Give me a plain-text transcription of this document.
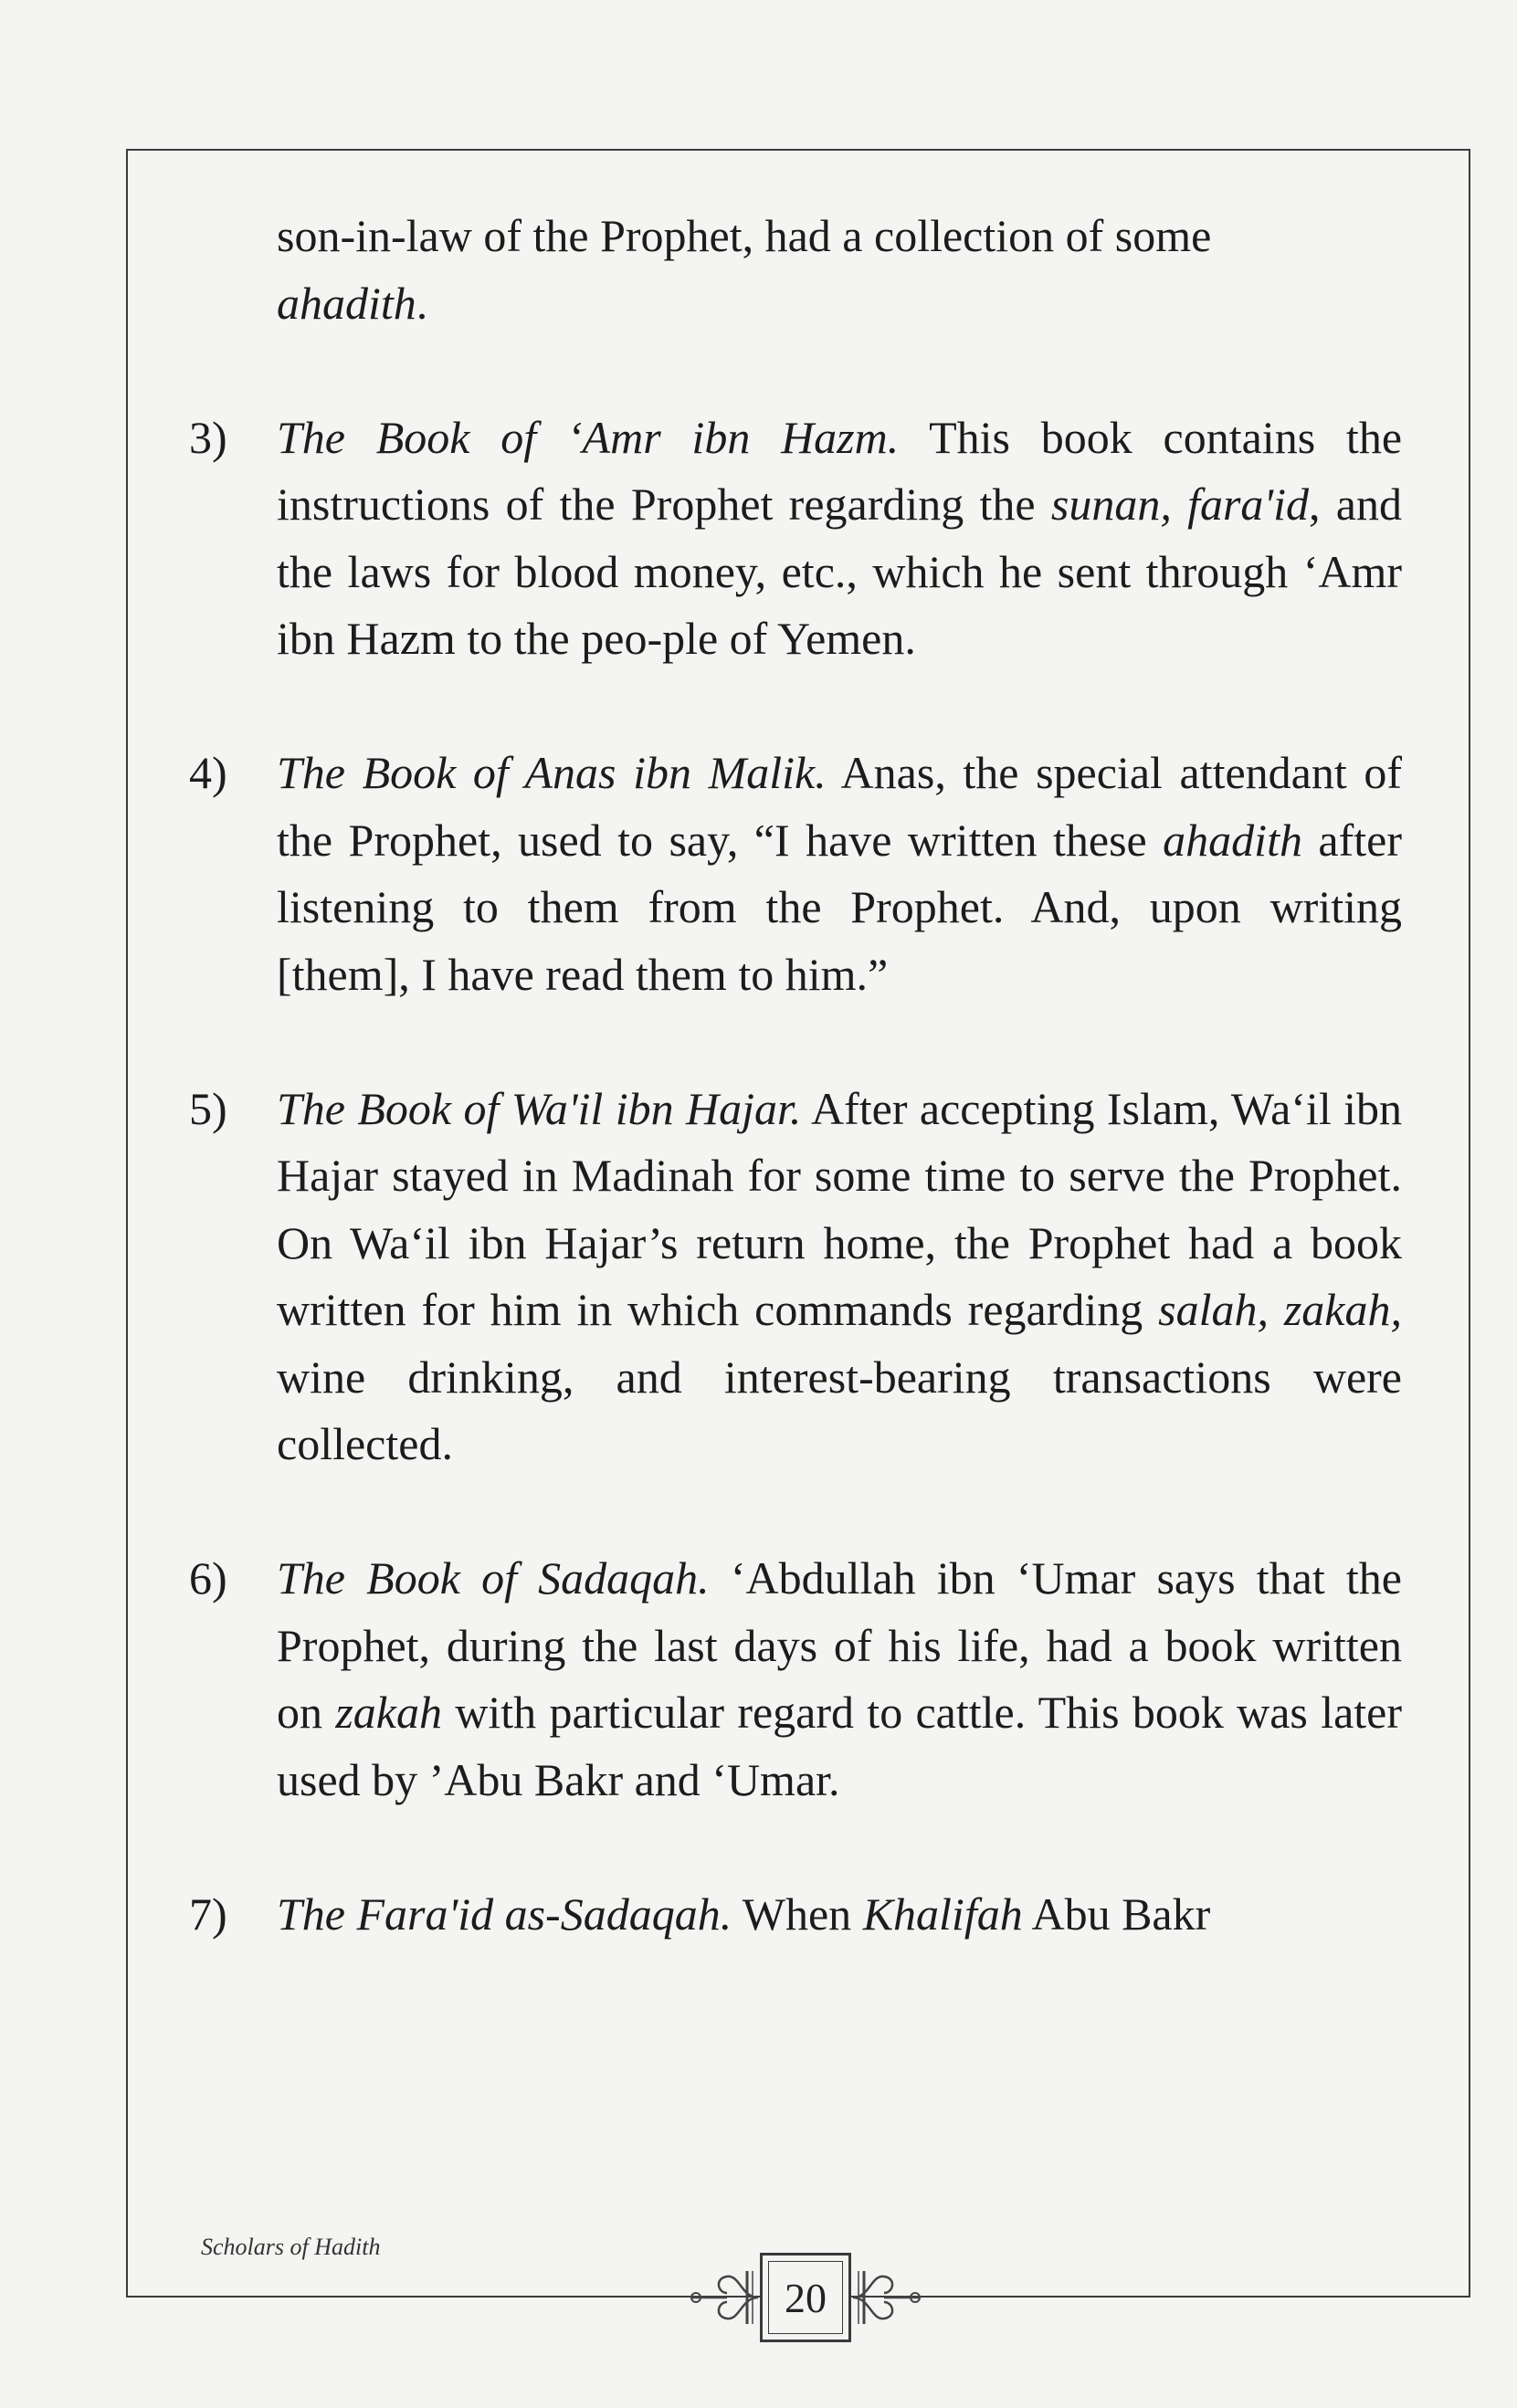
son-in-law of the Prophet, had a collection of some
ahadith.

3) The Book of ‘Amr ibn Hazm. This book contains the instructions of the Prophet regarding the sunan, fara'id, and the laws for blood money, etc., which he sent through ‘Amr ibn Hazm to the peo-ple of Yemen.

4) The Book of Anas ibn Malik. Anas, the special attendant of the Prophet, used to say, “I have written these ahadith after listening to them from the Prophet. And, upon writing [them], I have read them to him.”

5) The Book of Wa'il ibn Hajar. After accepting Islam, Wa‘il ibn Hajar stayed in Madinah for some time to serve the Prophet. On Wa‘il ibn Hajar’s return home, the Prophet had a book written for him in which commands regarding salah, zakah, wine drinking, and interest-bearing transactions were collected.

6) The Book of Sadaqah. ‘Abdullah ibn ‘Umar says that the Prophet, during the last days of his life, had a book written on zakah with particular regard to cattle. This book was later used by ’Abu Bakr and ‘Umar.

7) The Fara'id as-Sadaqah. When Khalifah Abu Bakr

Scholars of Hadith
20
